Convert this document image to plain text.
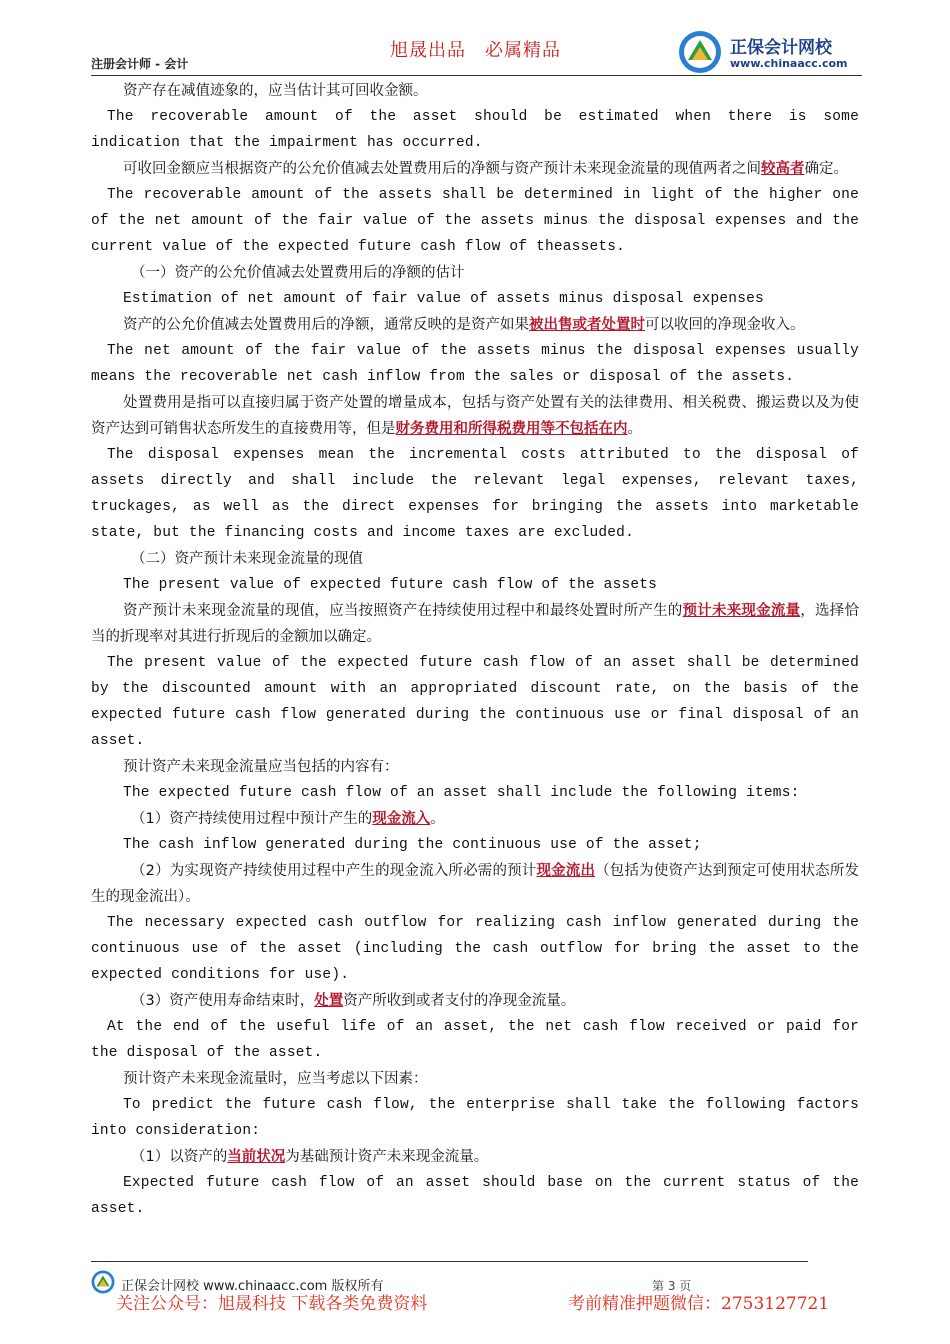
旭晟出品　必属精品
注册会计师 - 会计
正保会计网校
www.chinaacc.com

资产存在减值迹象的，应当估计其可回收金额。

The recoverable amount of the asset should be estimated when there is some indication that the impairment has occurred.

可收回金额应当根据资产的公允价值减去处置费用后的净额与资产预计未来现金流量的现值两者之间较高者确定。

The recoverable amount of the assets shall be determined in light of the higher one of the net amount of the fair value of the assets minus the disposal expenses and the current value of the expected future cash flow of theassets.

（一）资产的公允价值减去处置费用后的净额的估计

Estimation of net amount of fair value of assets minus disposal expenses

资产的公允价值减去处置费用后的净额，通常反映的是资产如果被出售或者处置时可以收回的净现金收入。

The net amount of the fair value of the assets minus the disposal expenses usually means the recoverable net cash inflow from the sales or disposal of the assets.

处置费用是指可以直接归属于资产处置的增量成本，包括与资产处置有关的法律费用、相关税费、搬运费以及为使资产达到可销售状态所发生的直接费用等，但是财务费用和所得税费用等不包括在内。

The disposal expenses mean the incremental costs attributed to the disposal of assets directly and shall include the relevant legal expenses, relevant taxes, truckages, as well as the direct expenses for bringing the assets into marketable state, but the financing costs and income taxes are excluded.

（二）资产预计未来现金流量的现值

The present value of expected future cash flow of the assets

资产预计未来现金流量的现值，应当按照资产在持续使用过程中和最终处置时所产生的预计未来现金流量，选择恰当的折现率对其进行折现后的金额加以确定。

The present value of the expected future cash flow of an asset shall be determined by the discounted amount with an appropriated discount rate, on the basis of the expected future cash flow generated during the continuous use or final disposal of an asset.

预计资产未来现金流量应当包括的内容有：

The expected future cash flow of an asset shall include the following items:

（1）资产持续使用过程中预计产生的现金流入。

The cash inflow generated during the continuous use of the asset;

（2）为实现资产持续使用过程中产生的现金流入所必需的预计现金流出（包括为使资产达到预定可使用状态所发生的现金流出）。

The necessary expected cash outflow for realizing cash inflow generated during the continuous use of the asset (including the cash outflow for bring the asset to the expected conditions for use).

（3）资产使用寿命结束时，处置资产所收到或者支付的净现金流量。

At the end of the useful life of an asset, the net cash flow received or paid for the disposal of the asset.

预计资产未来现金流量时，应当考虑以下因素：

To predict the future cash flow, the enterprise shall take the following factors into consideration:

（1）以资产的当前状况为基础预计资产未来现金流量。

Expected future cash flow of an asset should base on the current status of the asset.

正保会计网校 www.chinaacc.com 版权所有	第 3 页
关注公众号：旭晟科技 下载各类免费资料	考前精准押题微信：2753127721
